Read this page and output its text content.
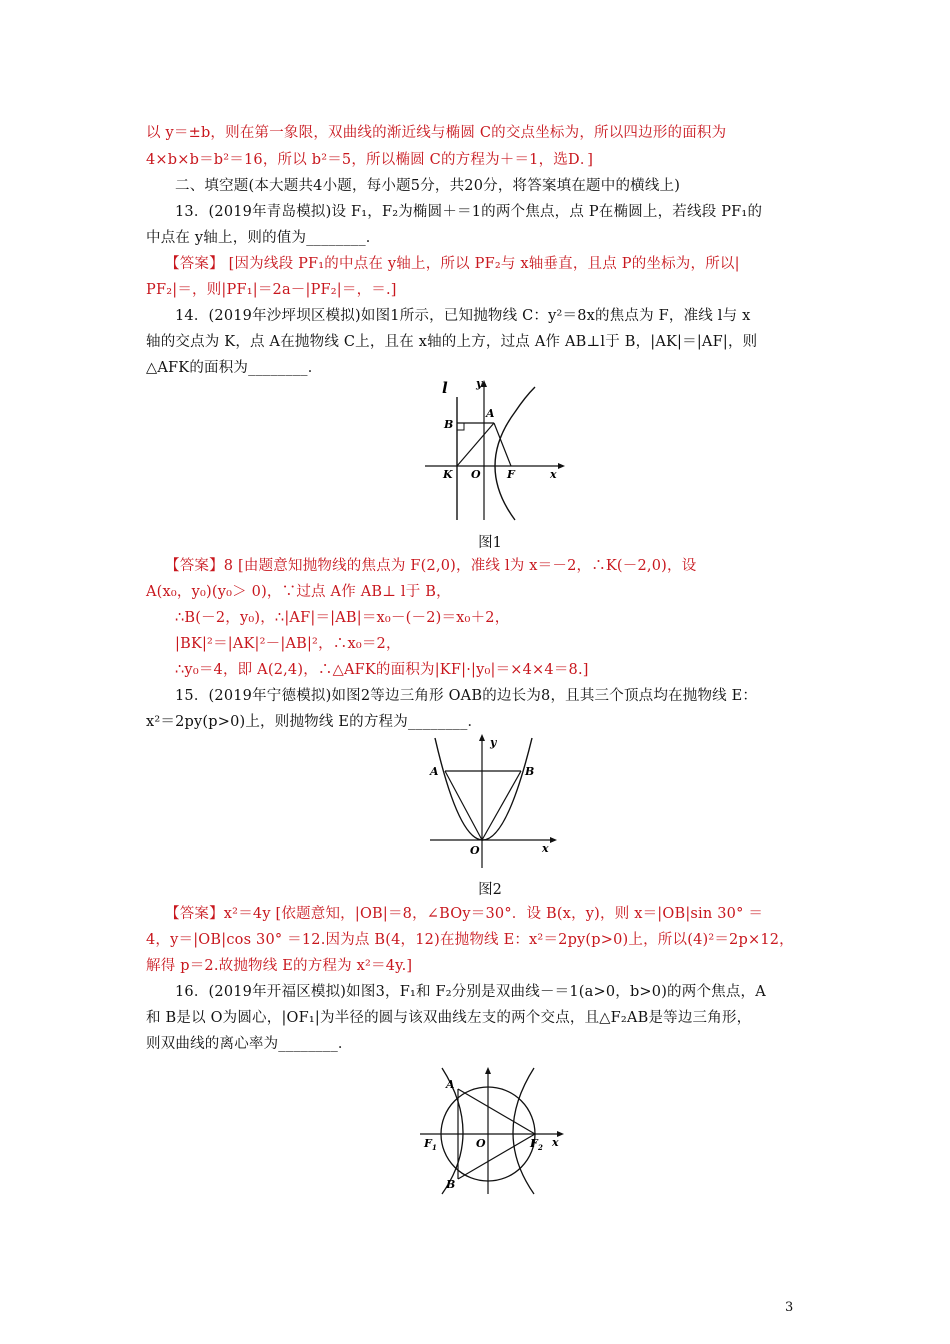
以 y＝±b，则在第一象限，双曲线的渐近线与椭圆 C的交点坐标为，所以四边形的面积为
4×b×b＝b²＝16，所以 b²＝5，所以椭圆 C的方程为＋＝1，选D．]
二、填空题(本大题共4小题，每小题5分，共20分，将答案填在题中的横线上)
13．(2019年青岛模拟)设 F₁，F₂为椭圆＋＝1的两个焦点，点 P在椭圆上，若线段 PF₁的
中点在 y轴上，则的值为________．
【答案】 [因为线段 PF₁的中点在 y轴上，所以 PF₂与 x轴垂直，且点 P的坐标为，所以|
PF₂|＝，则|PF₁|＝2a－|PF₂|＝，＝.]
14．(2019年沙坪坝区模拟)如图1所示，已知抛物线 C：y²＝8x的焦点为 F，准线 l与 x
轴的交点为 K，点 A在抛物线 C上，且在 x轴的上方，过点 A作 AB⊥l于 B，|AK|＝|AF|，则
△AFK的面积为________．
l	y
A
B
K O F	x
图1
【答案】8 [由题意知抛物线的焦点为 F(2,0)，准线 l为 x＝－2，∴K(－2,0)，设
A(x₀，y₀)(y₀＞ 0)，∵过点 A作 AB⊥ l于 B，
∴B(－2，y₀)，∴|AF|＝|AB|＝x₀－(－2)＝x₀＋2，
|BK|²＝|AK|²－|AB|²，∴x₀＝2，
∴y₀＝4，即 A(2,4)，∴△AFK的面积为|KF|·|y₀|＝×4×4＝8.]
15．(2019年宁德模拟)如图2等边三角形 OAB的边长为8，且其三个顶点均在抛物线 E：
x²＝2py(p>0)上，则抛物线 E的方程为________．
y
A	B
O	x
图2
【答案】x²＝4y [依题意知，|OB|＝8，∠BOy＝30°．设 B(x，y)，则 x＝|OB|sin 30° ＝
4，y＝|OB|cos 30° ＝12.因为点 B(4，12)在抛物线 E：x²＝2py(p>0)上，所以(4)²＝2p×12，
解得 p＝2.故抛物线 E的方程为 x²＝4y.]
16．(2019年开福区模拟)如图3，F₁和 F₂分别是双曲线－＝1(a>0，b>0)的两个焦点，A
和 B是以 O为圆心，|OF₁|为半径的圆与该双曲线左支的两个交点，且△F₂AB是等边三角形，
则双曲线的离心率为________．
A
B
F 1	O	F 2 x
3
